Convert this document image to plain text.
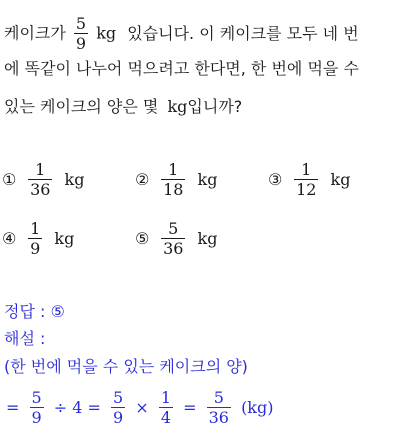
케이크가 $\frac{5}{9}$ kg 있습니다. 이 케이크를 모두 네 번
에 똑같이 나누어 먹으려고 한다면, 한 번에 먹을 수
있는 케이크의 양은 몇 kg입니까?
① $\frac{1}{36}$ kg	② $\frac{1}{18}$ kg	③ $\frac{1}{12}$ kg
④ $\frac{1}{9}$ kg	⑤ $\frac{5}{36}$ kg
정답 : ⑤
해설 :
(한 번에 먹을 수 있는 케이크의 양)
= $\frac{5}{9} \div 4 = \frac{5}{9} \times \frac{1}{4} = \frac{5}{36} (kg)$
